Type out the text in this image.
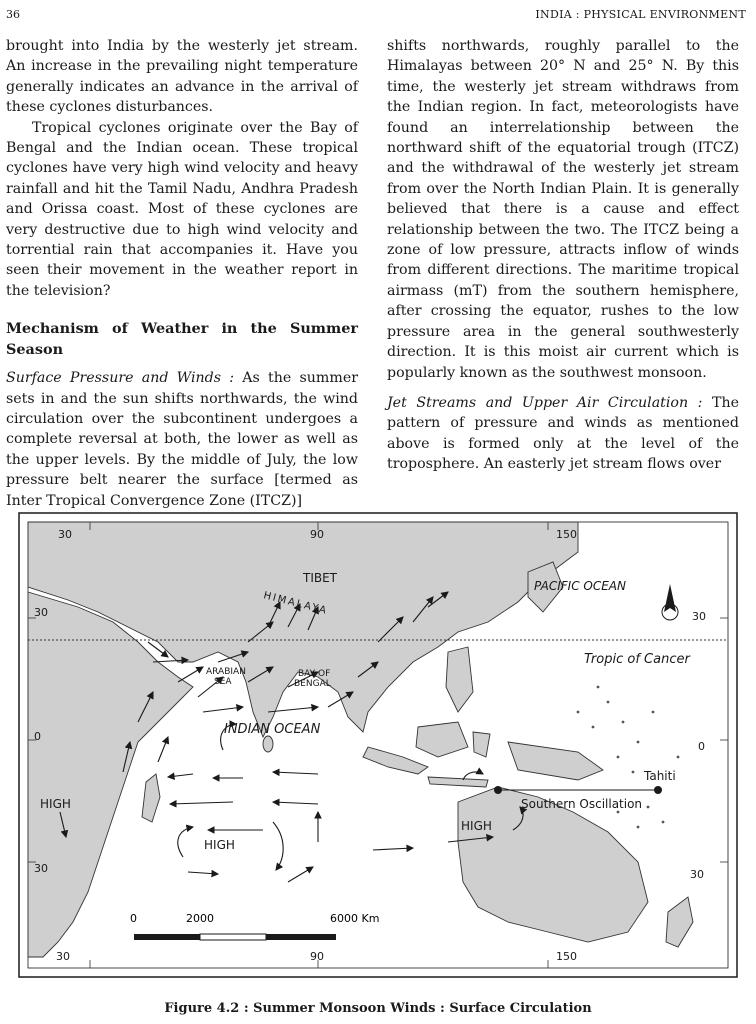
36	INDIA : PHYSICAL ENVIRONMENT

brought into India by the westerly jet stream. An increase in the prevailing night temperature generally indicates an advance in the arrival of these cyclones disturbances.

Tropical cyclones originate over the Bay of Bengal and the Indian ocean. These tropical cyclones have very high wind velocity and heavy rainfall and hit the Tamil Nadu, Andhra Pradesh and Orissa coast. Most of these cyclones are very destructive due to high wind velocity and torrential rain that accompanies it. Have you seen their movement in the weather report in the television?

Mechanism of Weather in the Summer Season

Surface Pressure and Winds : As the summer sets in and the sun shifts northwards, the wind circulation over the subcontinent undergoes a complete reversal at both, the lower as well as the upper levels. By the middle of July, the low pressure belt nearer the surface [termed as Inter Tropical Convergence Zone (ITCZ)]

shifts northwards, roughly parallel to the Himalayas between 20° N and 25° N. By this time, the westerly jet stream withdraws from the Indian region. In fact, meteorologists have found an interrelationship between the northward shift of the equatorial trough (ITCZ) and the withdrawal of the westerly jet stream from over the North Indian Plain. It is generally believed that there is a cause and effect relationship between the two. The ITCZ being a zone of low pressure, attracts inflow of winds from different directions. The maritime tropical airmass (mT) from the southern hemisphere, after crossing the equator, rushes to the low pressure area in the general southwesterly direction. It is this moist air current which is popularly known as the southwest monsoon.

Jet Streams and Upper Air Circulation : The pattern of pressure and winds as mentioned above is formed only at the level of the troposphere. An easterly jet stream flows over

30	90	150
30	90	150
30
0
30
30
0
30
TIBET
HIMALAYA
PACIFIC OCEAN
Tropic of Cancer
ARABIAN
SEA
BAY OF
BENGAL
INDIAN OCEAN
Tahiti
Southern Oscillation
HIGH
HIGH
HIGH
0	2000	6000 Km
Figure 4.2 : Summer Monsoon Winds : Surface Circulation
